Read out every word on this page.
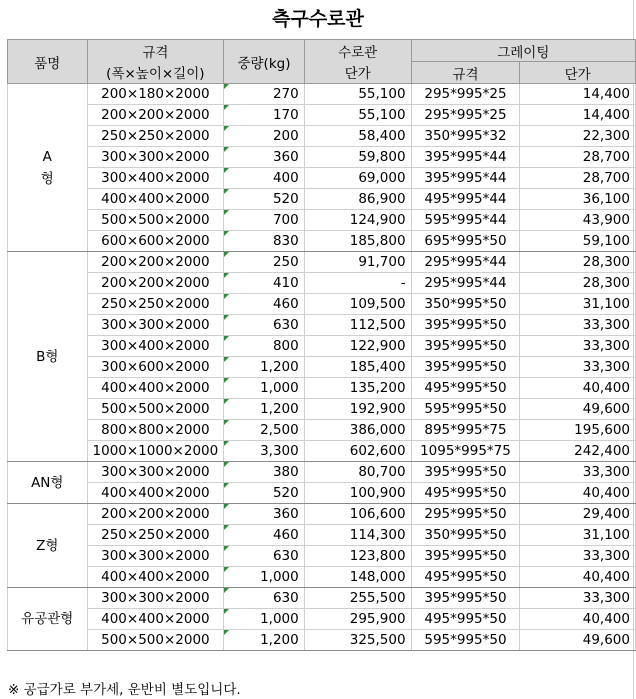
측구수로관
품명	규격	중량(kg)	수로관	그레이팅	
	(폭×높이×길이)		단가	규격	단가

A
형	200×180×2000	270	55,100	295*995*25	14,400
	200×200×2000	170	55,100	295*995*25	14,400
	250×250×2000	200	58,400	350*995*32	22,300
	300×300×2000	360	59,800	395*995*44	28,700
	300×400×2000	400	69,000	395*995*44	28,700
	400×400×2000	520	86,900	495*995*44	36,100
	500×500×2000	700	124,900	595*995*44	43,900
	600×600×2000	830	185,800	695*995*50	59,100

B형	200×200×2000	250	91,700	295*995*44	28,300
	200×200×2000	410	-	295*995*44	28,300
	250×250×2000	460	109,500	350*995*50	31,100
	300×300×2000	630	112,500	395*995*50	33,300
	300×400×2000	800	122,900	395*995*50	33,300
	300×600×2000	1,200	185,400	395*995*50	33,300
	400×400×2000	1,000	135,200	495*995*50	40,400
	500×500×2000	1,200	192,900	595*995*50	49,600
	800×800×2000	2,500	386,000	895*995*75	195,600
	1000×1000×2000	3,300	602,600	1095*995*75	242,400

AN형	300×300×2000	380	80,700	395*995*50	33,300
	400×400×2000	520	100,900	495*995*50	40,400

Z형	200×200×2000	360	106,600	295*995*50	29,400
	250×250×2000	460	114,300	350*995*50	31,100
	300×300×2000	630	123,800	395*995*50	33,300
	400×400×2000	1,000	148,000	495*995*50	40,400

유공관형	300×300×2000	630	255,500	395*995*50	33,300
	400×400×2000	1,000	295,900	495*995*50	40,400
	500×500×2000	1,200	325,500	595*995*50	49,600
※ 공급가로 부가세, 운반비 별도입니다.
